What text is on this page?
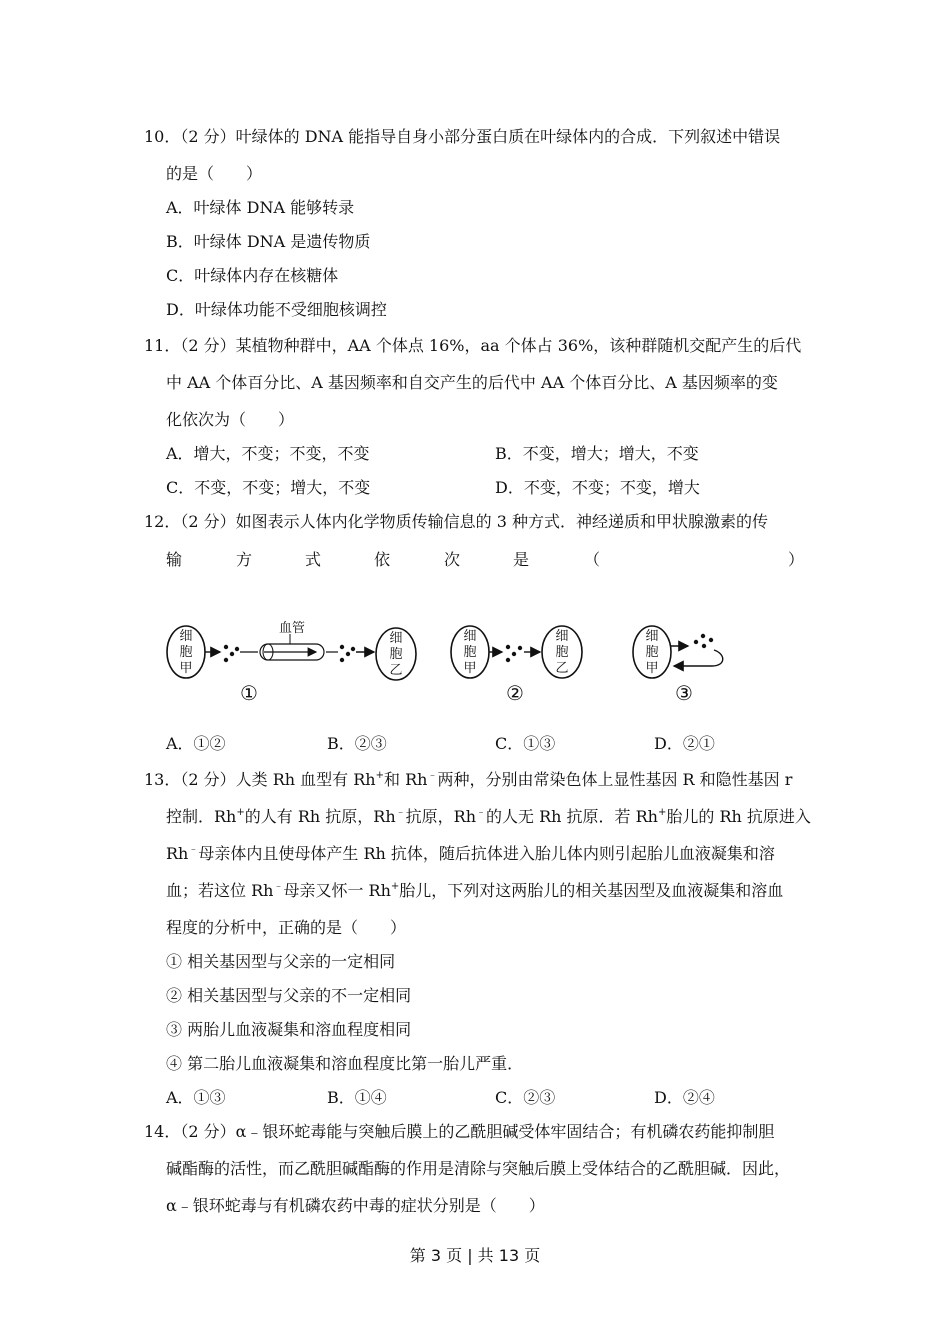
10．（2 分）叶绿体的 DNA 能指导自身小部分蛋白质在叶绿体内的合成．下列叙述中错误
的是（　　）
A．叶绿体 DNA 能够转录
B．叶绿体 DNA 是遗传物质
C．叶绿体内存在核糖体
D．叶绿体功能不受细胞核调控
11．（2 分）某植物种群中，AA 个体点 16%，aa 个体占 36%，该种群随机交配产生的后代
中 AA 个体百分比、A 基因频率和自交产生的后代中 AA 个体百分比、A 基因频率的变
化依次为（　　）
A．增大，不变；不变，不变	B．不变，增大；增大，不变
C．不变，不变；增大，不变	D．不变，不变；不变，增大
12．（2 分）如图表示人体内化学物质传输信息的 3 种方式．神经递质和甲状腺激素的传
输	方	式	依	次	是	（	）
细
胞
甲
血管
细
胞
乙
①
细
胞
甲
细
胞
乙
②
细
胞
甲
③
A．①②	B．②③	C．①③	D．②①
13．（2 分）人类 Rh 血型有 Rh+和 Rh﹣两种，分别由常染色体上显性基因 R 和隐性基因 r
控制．Rh+的人有 Rh 抗原，Rh﹣抗原，Rh﹣的人无 Rh 抗原．若 Rh+胎儿的 Rh 抗原进入
Rh﹣母亲体内且使母体产生 Rh 抗体，随后抗体进入胎儿体内则引起胎儿血液凝集和溶
血；若这位 Rh﹣母亲又怀一 Rh+胎儿，下列对这两胎儿的相关基因型及血液凝集和溶血
程度的分析中，正确的是（　　）
① 相关基因型与父亲的一定相同
② 相关基因型与父亲的不一定相同
③ 两胎儿血液凝集和溶血程度相同
④ 第二胎儿血液凝集和溶血程度比第一胎儿严重．
A．①③	B．①④	C．②③	D．②④
14．（2 分）α﹣银环蛇毒能与突触后膜上的乙酰胆碱受体牢固结合；有机磷农药能抑制胆
碱酯酶的活性，而乙酰胆碱酯酶的作用是清除与突触后膜上受体结合的乙酰胆碱．因此，
α﹣银环蛇毒与有机磷农药中毒的症状分别是（　　）
第 3 页 | 共 13 页
